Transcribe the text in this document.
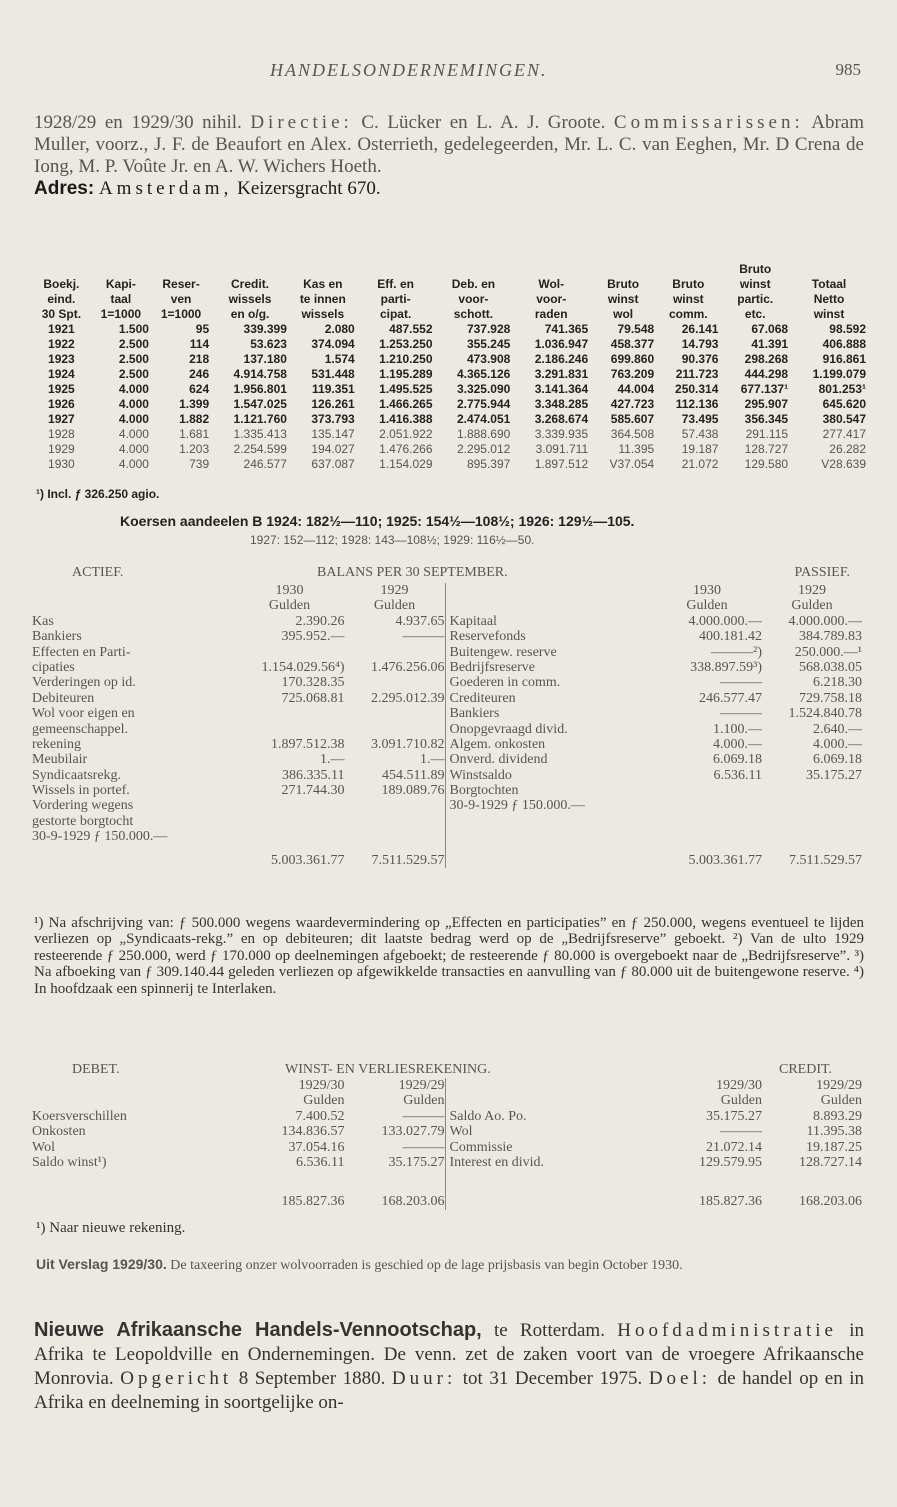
HANDELSONDERNEMINGEN.	985

1928/29 en 1929/30 nihil. Directie: C. Lücker en L. A. J. Groote. Commissarissen: Abram Muller, voorz., J. F. de Beaufort en Alex. Osterrieth, gedelegeerden, Mr. L. C. van Eeghen, Mr. D Crena de Iong, M. P. Voûte Jr. en A. W. Wichers Hoeth.

Adres: Amsterdam, Keizersgracht 670.

										Bruto	
Boekj.	Kapi-	Reser-	Credit.	Kas en	Eff. en	Deb. en	Wol-	Bruto	Bruto	winst	Totaal
eind.	taal	ven	wissels	te innen	parti-	voor-	voor-	winst	winst	partic.	Netto
30 Spt.	1=1000	1=1000	en o/g.	wissels	cipat.	schott.	raden	wol	comm.	etc.	winst
1921	1.500	95	339.399	2.080	487.552	737.928	741.365	79.548	26.141	67.068	98.592
1922	2.500	114	53.623	374.094	1.253.250	355.245	1.036.947	458.377	14.793	41.391	406.888
1923	2.500	218	137.180	1.574	1.210.250	473.908	2.186.246	699.860	90.376	298.268	916.861
1924	2.500	246	4.914.758	531.448	1.195.289	4.365.126	3.291.831	763.209	211.723	444.298	1.199.079
1925	4.000	624	1.956.801	119.351	1.495.525	3.325.090	3.141.364	44.004	250.314	677.137¹	801.253¹
1926	4.000	1.399	1.547.025	126.261	1.466.265	2.775.944	3.348.285	427.723	112.136	295.907	645.620
1927	4.000	1.882	1.121.760	373.793	1.416.388	2.474.051	3.268.674	585.607	73.495	356.345	380.547
1928	4.000	1.681	1.335.413	135.147	2.051.922	1.888.690	3.339.935	364.508	57.438	291.115	277.417
1929	4.000	1.203	2.254.599	194.027	1.476.266	2.295.012	3.091.711	11.395	19.187	128.727	26.282
1930	4.000	739	246.577	637.087	1.154.029	895.397	1.897.512	V37.054	21.072	129.580	V28.639
¹) Incl. ƒ 326.250 agio.
Koersen aandeelen B 1924: 182½—110; 1925: 154½—108½; 1926: 129½—105.
1927: 152—112; 1928: 143—108½; 1929: 116½—50.
ACTIEF.	BALANS PER 30 SEPTEMBER.	PASSIEF.
1930	1929
Gulden	Gulden
Kas	2.390.26	4.937.65
Bankiers	395.952.—	———
Effecten en Parti-
cipaties	1.154.029.56⁴)	1.476.256.06
Verderingen op id.	170.328.35
Debiteuren	725.068.81	2.295.012.39
Wol voor eigen en
gemeenschappel.
rekening	1.897.512.38	3.091.710.82
Meubilair	1.—	1.—
Syndicaatsrekg.	386.335.11	454.511.89
Wissels in portef.	271.744.30	189.089.76
Vordering wegens
gestorte borgtocht
30-9-1929 ƒ 150.000.—
5.003.361.77	7.511.529.57
1930	1929
Gulden	Gulden
Kapitaal	4.000.000.—	4.000.000.—
Reservefonds	400.181.42	384.789.83
Buitengew. reserve	———²)	250.000.—¹
Bedrijfsreserve	338.897.59³)	568.038.05
Goederen in comm.	———	6.218.30
Crediteuren	246.577.47	729.758.18
Bankiers	———	1.524.840.78
Onopgevraagd divid.	1.100.—	2.640.—
Algem. onkosten	4.000.—	4.000.—
Onverd. dividend	6.069.18	6.069.18
Winstsaldo	6.536.11	35.175.27
Borgtochten
30-9-1929 ƒ 150.000.—
5.003.361.77	7.511.529.57

¹) Na afschrijving van: ƒ 500.000 wegens waardevermindering op „Effecten en participaties” en ƒ 250.000, wegens eventueel te lijden verliezen op „Syndicaats-rekg.” en op debiteuren; dit laatste bedrag werd op de „Bedrijfsreserve” geboekt. ²) Van de ulto 1929 resteerende ƒ 250.000, werd ƒ 170.000 op deelnemingen afgeboekt; de resteerende ƒ 80.000 is overgeboekt naar de „Bedrijfsreserve”. ³) Na afboeking van ƒ 309.140.44 geleden verliezen op afgewikkelde transacties en aanvulling van ƒ 80.000 uit de buitengewone reserve. ⁴) In hoofdzaak een spinnerij te Interlaken.

DEBET.	WINST- EN VERLIESREKENING.	CREDIT.
1929/30	1929/29
Gulden	Gulden
Koersverschillen	7.400.52	———
Onkosten	134.836.57	133.027.79
Wol	37.054.16	———
Saldo winst¹)	6.536.11	35.175.27
185.827.36	168.203.06
1929/30	1929/29
Gulden	Gulden
Saldo Ao. Po.	35.175.27	8.893.29
Wol	———	11.395.38
Commissie	21.072.14	19.187.25
Interest en divid.	129.579.95	128.727.14
185.827.36	168.203.06
¹) Naar nieuwe rekening.

Uit Verslag 1929/30. De taxeering onzer wolvoorraden is geschied op de lage prijsbasis van begin October 1930.

Nieuwe Afrikaansche Handels-Vennootschap, te Rotterdam. Hoofdadministratie in Afrika te Leopoldville en Ondernemingen. De venn. zet de zaken voort van de vroegere Afrikaansche Monrovia. Opgericht 8 September 1880. Duur: tot 31 December 1975. Doel: de handel op en in Afrika en deelneming in soortgelijke on-
